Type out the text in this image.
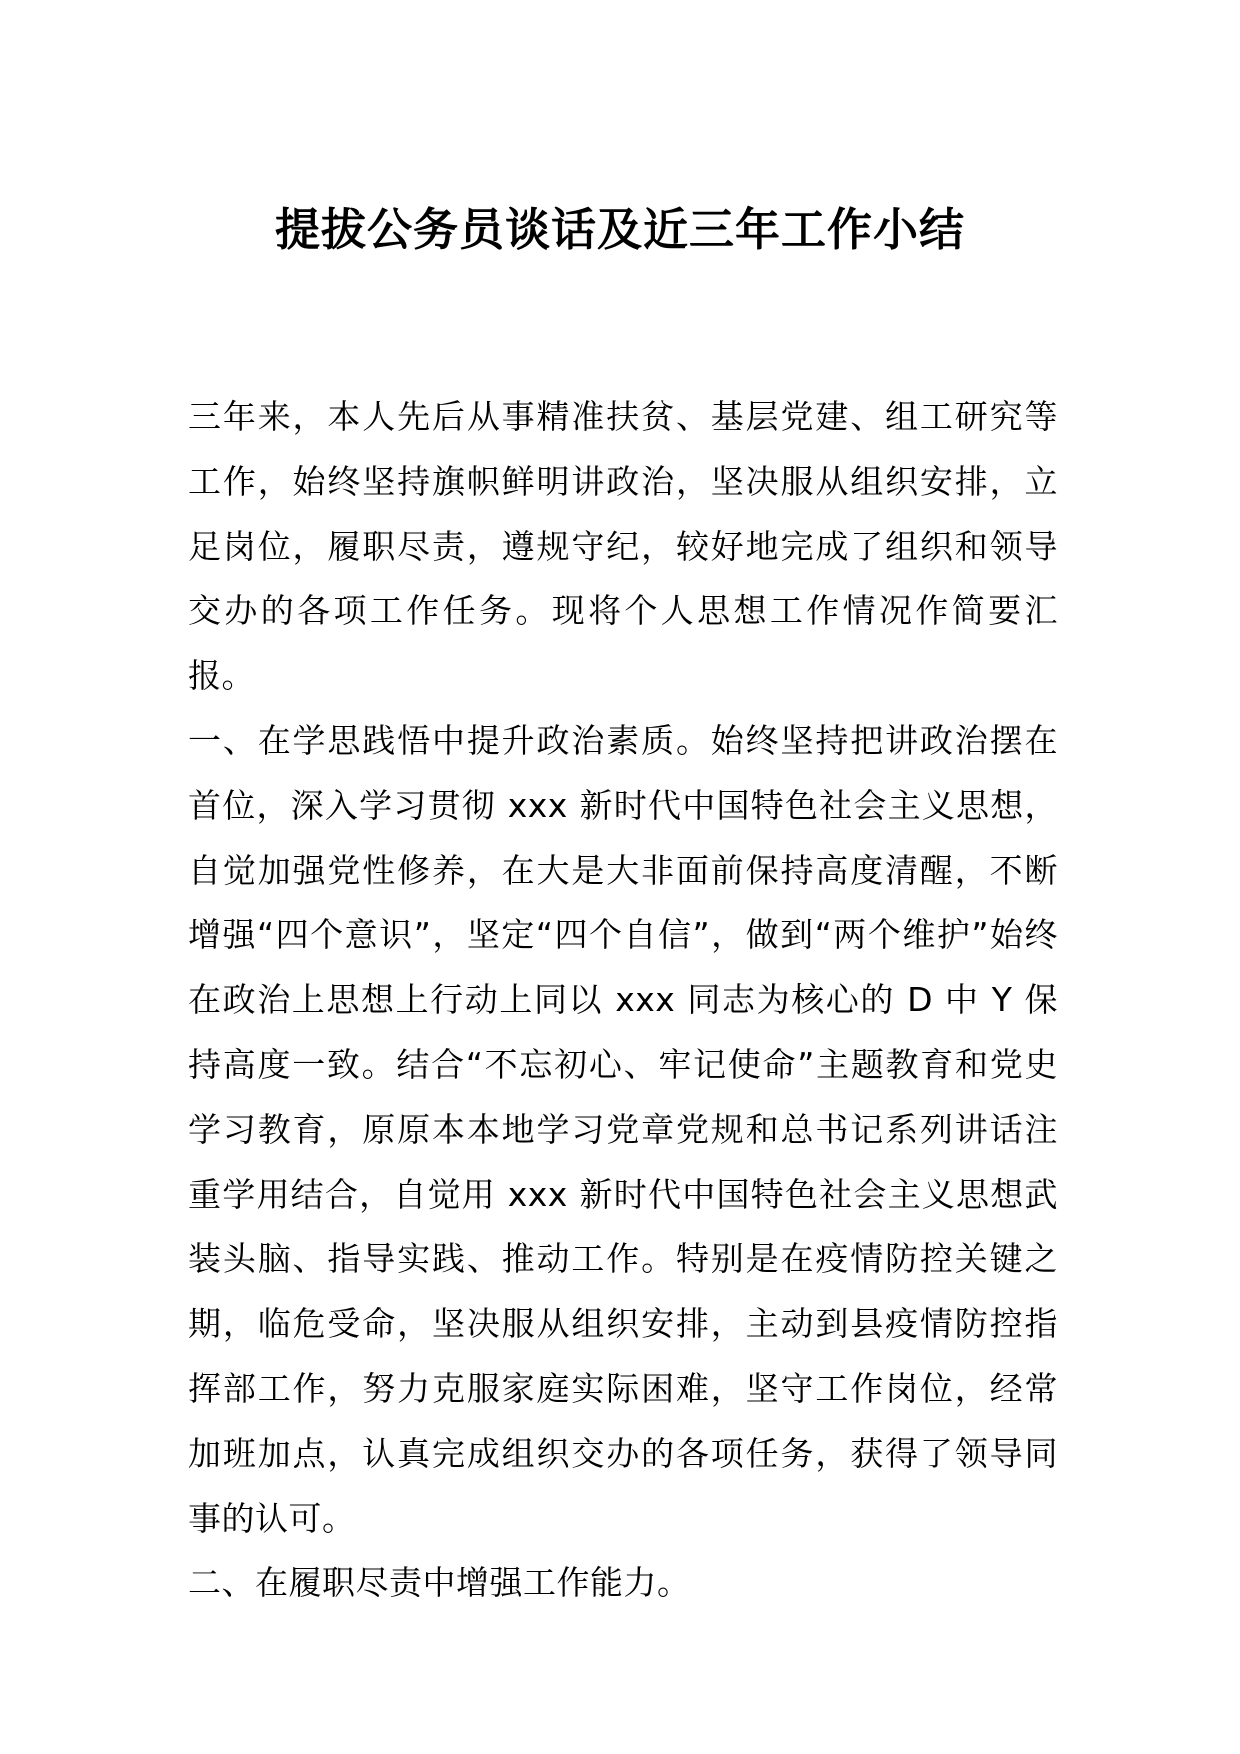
提拔公务员谈话及近三年工作小结

三年来，本人先后从事精准扶贫、基层党建、组工研究等工作，始终坚持旗帜鲜明讲政治，坚决服从组织安排，立足岗位，履职尽责，遵规守纪，较好地完成了组织和领导交办的各项工作任务。现将个人思想工作情况作简要汇报。

一、在学思践悟中提升政治素质。始终坚持把讲政治摆在首位，深入学习贯彻 xxx 新时代中国特色社会主义思想，自觉加强党性修养，在大是大非面前保持高度清醒，不断增强“四个意识”，坚定“四个自信”，做到“两个维护”始终在政治上思想上行动上同以 xxx 同志为核心的 D 中 Y 保持高度一致。结合“不忘初心、牢记使命”主题教育和党史学习教育，原原本本地学习党章党规和总书记系列讲话注重学用结合，自觉用 xxx 新时代中国特色社会主义思想武装头脑、指导实践、推动工作。特别是在疫情防控关键之期，临危受命，坚决服从组织安排，主动到县疫情防控指挥部工作，努力克服家庭实际困难，坚守工作岗位，经常加班加点，认真完成组织交办的各项任务，获得了领导同事的认可。

二、在履职尽责中增强工作能力。
